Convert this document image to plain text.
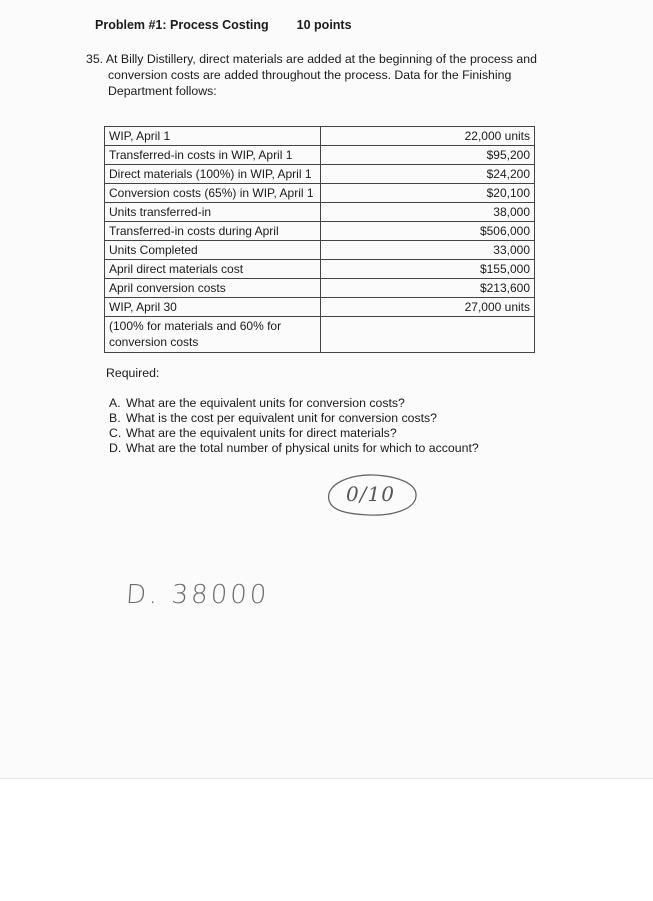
Problem #1: Process Costing 10 points
35. At Billy Distillery, direct materials are added at the beginning of the process and conversion costs are added throughout the process. Data for the Finishing Department follows:
WIP, April 1	22,000 units
Transferred-in costs in WIP, April 1	$95,200
Direct materials (100%) in WIP, April 1	$24,200
Conversion costs (65%) in WIP, April 1	$20,100
Units transferred-in	38,000
Transferred-in costs during April	$506,000
Units Completed	33,000
April direct materials cost	$155,000
April conversion costs	$213,600
WIP, April 30	27,000 units
(100% for materials and 60% for conversion costs	
Required:
A. What are the equivalent units for conversion costs?
B. What is the cost per equivalent unit for conversion costs?
C. What are the equivalent units for direct materials?
D. What are the total number of physical units for which to account?
0/10
D. 38000
